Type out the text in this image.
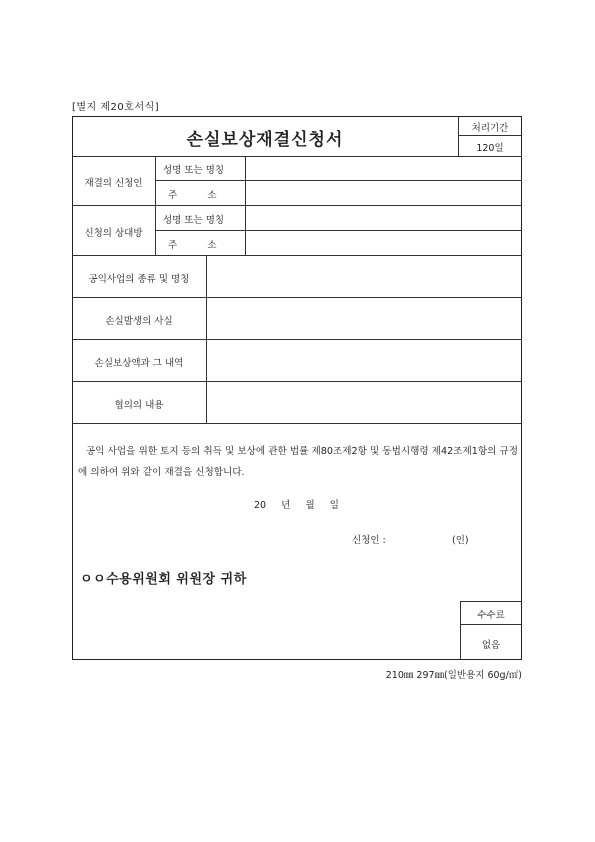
[별지 제20호서식]
손실보상재결신청서
처리기간
120일
재결의 신청인
성명 또는 명칭
주          소
신청의 상대방
성명 또는 명칭
주          소
공익사업의 종류 및 명칭
손실발생의 사실
손실보상액과 그 내역
협의의 내용
공익 사업을 위한 토지 등의 취득 및 보상에 관한 법률 제80조제2항 및 동법시행령 제42조제1항의 규정에 의하여 위와 같이 재결을 신청합니다.
20     년     월     일
신청인 :	(인)
ㅇㅇ수용위원회 위원장 귀하
수수료
없음
210㎜ 297㎜(일반용지 60g/㎡)
